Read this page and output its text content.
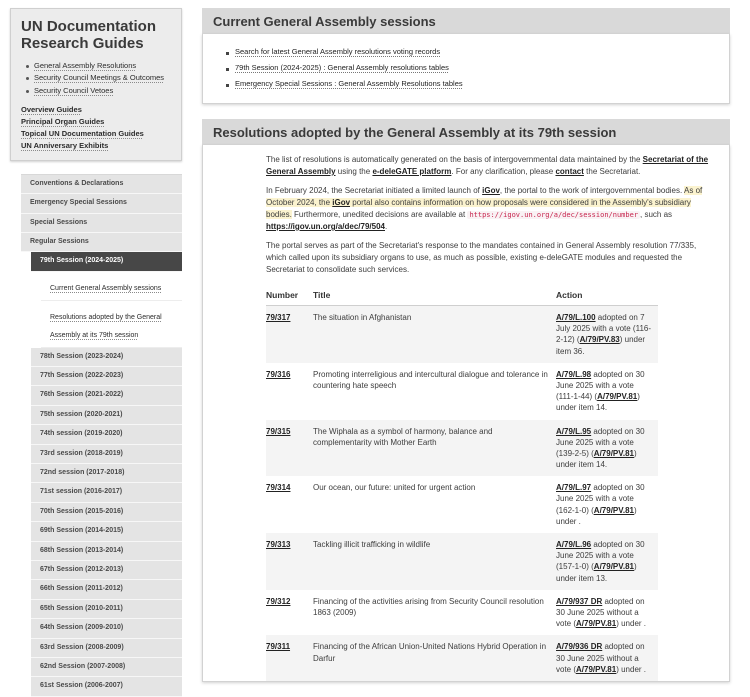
UN Documentation Research Guides
General Assembly Resolutions
Security Council Meetings & Outcomes
Security Council Vetoes
Overview Guides
Principal Organ Guides
Topical UN Documentation Guides
UN Anniversary Exhibits
Conventions & Declarations
Emergency Special Sessions
Special Sessions
Regular Sessions
79th Session (2024-2025)
Current General Assembly sessions
Resolutions adopted by the General Assembly at its 79th session
78th Session (2023-2024)
77th Session (2022-2023)
76th Session (2021-2022)
75th session (2020-2021)
74th session (2019-2020)
73rd session (2018-2019)
72nd session (2017-2018)
71st session (2016-2017)
70th Session (2015-2016)
69th Session (2014-2015)
68th Session (2013-2014)
67th Session (2012-2013)
66th Session (2011-2012)
65th Session (2010-2011)
64th Session (2009-2010)
63rd Session (2008-2009)
62nd Session (2007-2008)
61st Session (2006-2007)
Current General Assembly sessions
Search for latest General Assembly resolutions voting records
79th Session (2024-2025) : General Assembly resolutions tables
Emergency Special Sessions : General Assembly Resolutions tables
Resolutions adopted by the General Assembly at its 79th session

The list of resolutions is automatically generated on the basis of intergovernmental data maintained by the Secretariat of the General Assembly using the e-deleGATE platform. For any clarification, please contact the Secretariat.

In February 2024, the Secretariat initiated a limited launch of iGov, the portal to the work of intergovernmental bodies. As of October 2024, the iGov portal also contains information on how proposals were considered in the Assembly's subsidiary bodies. Furthermore, unedited decisions are available at https://igov.un.org/a/dec/session/number , such as https://igov.un.org/a/dec/79/504.

The portal serves as part of the Secretariat's response to the mandates contained in General Assembly resolution 77/335, which called upon its subsidiary organs to use, as much as possible, existing e-deleGATE modules and requested the Secretariat to consolidate such services.

Number	Title	Action
79/317	The situation in Afghanistan	A/79/L.100 adopted on 7 July 2025 with a vote (116-2-12) (A/79/PV.83) under item 36.
79/316	Promoting interreligious and intercultural dialogue and tolerance in countering hate speech	A/79/L.98 adopted on 30 June 2025 with a vote (111-1-44) (A/79/PV.81) under item 14.
79/315	The Wiphala as a symbol of harmony, balance and complementarity with Mother Earth	A/79/L.95 adopted on 30 June 2025 with a vote (139-2-5) (A/79/PV.81) under item 14.
79/314	Our ocean, our future: united for urgent action	A/79/L.97 adopted on 30 June 2025 with a vote (162-1-0) (A/79/PV.81) under .
79/313	Tackling illicit trafficking in wildlife	A/79/L.96 adopted on 30 June 2025 with a vote (157-1-0) (A/79/PV.81) under item 13.
79/312	Financing of the activities arising from Security Council resolution 1863 (2009)	A/79/937 DR adopted on 30 June 2025 without a vote (A/79/PV.81) under .
79/311	Financing of the African Union-United Nations Hybrid Operation in Darfur	A/79/936 DR adopted on 30 June 2025 without a vote (A/79/PV.81) under .
